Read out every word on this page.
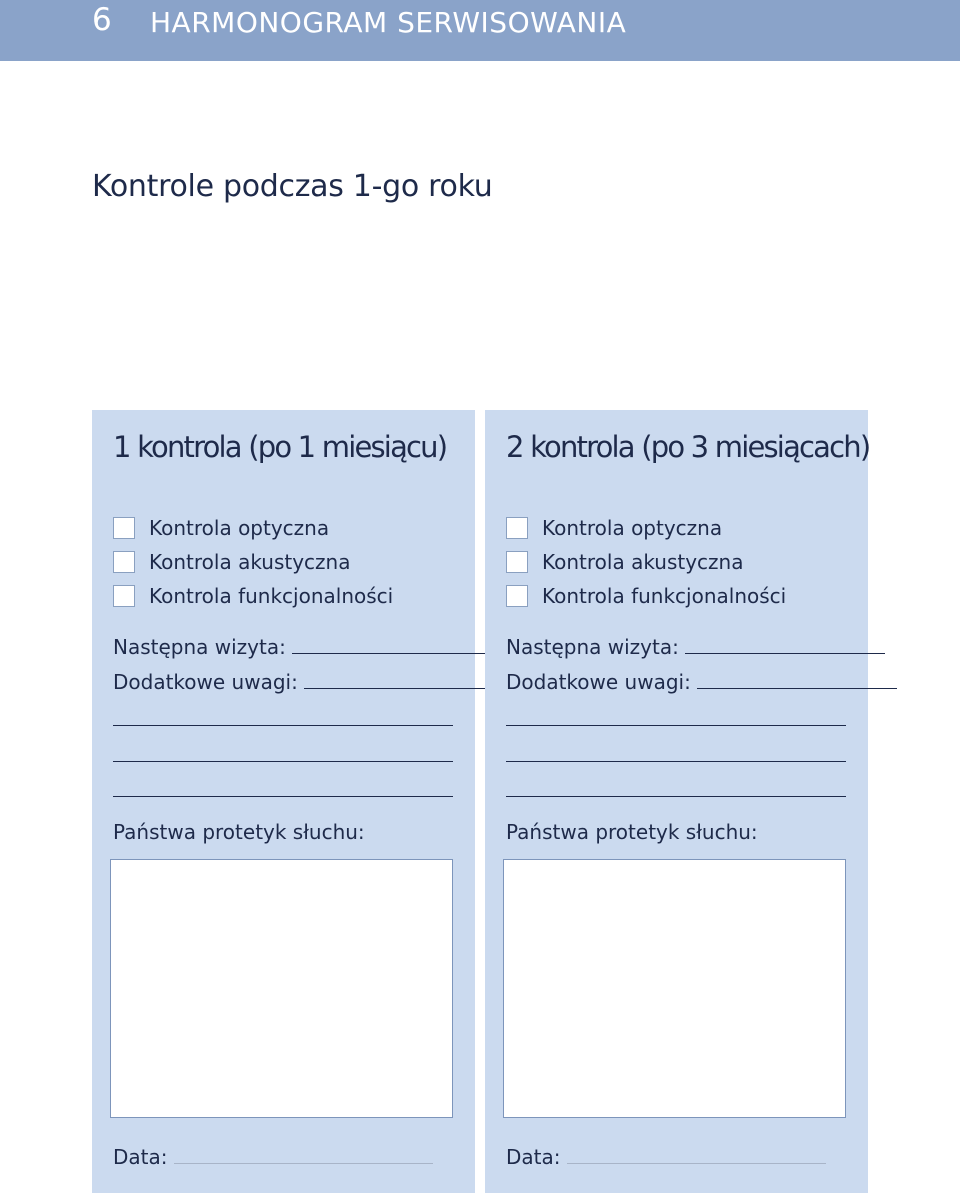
6 HARMONOGRAM SERWISOWANIA
Kontrole podczas 1-go roku
1 kontrola (po 1 miesiącu)
Kontrola optyczna
Kontrola akustyczna
Kontrola funkcjonalności
Następna wizyta:
Dodatkowe uwagi:
Państwa protetyk słuchu:
Data:
2 kontrola (po 3 miesiącach)
Kontrola optyczna
Kontrola akustyczna
Kontrola funkcjonalności
Następna wizyta:
Dodatkowe uwagi:
Państwa protetyk słuchu:
Data:
